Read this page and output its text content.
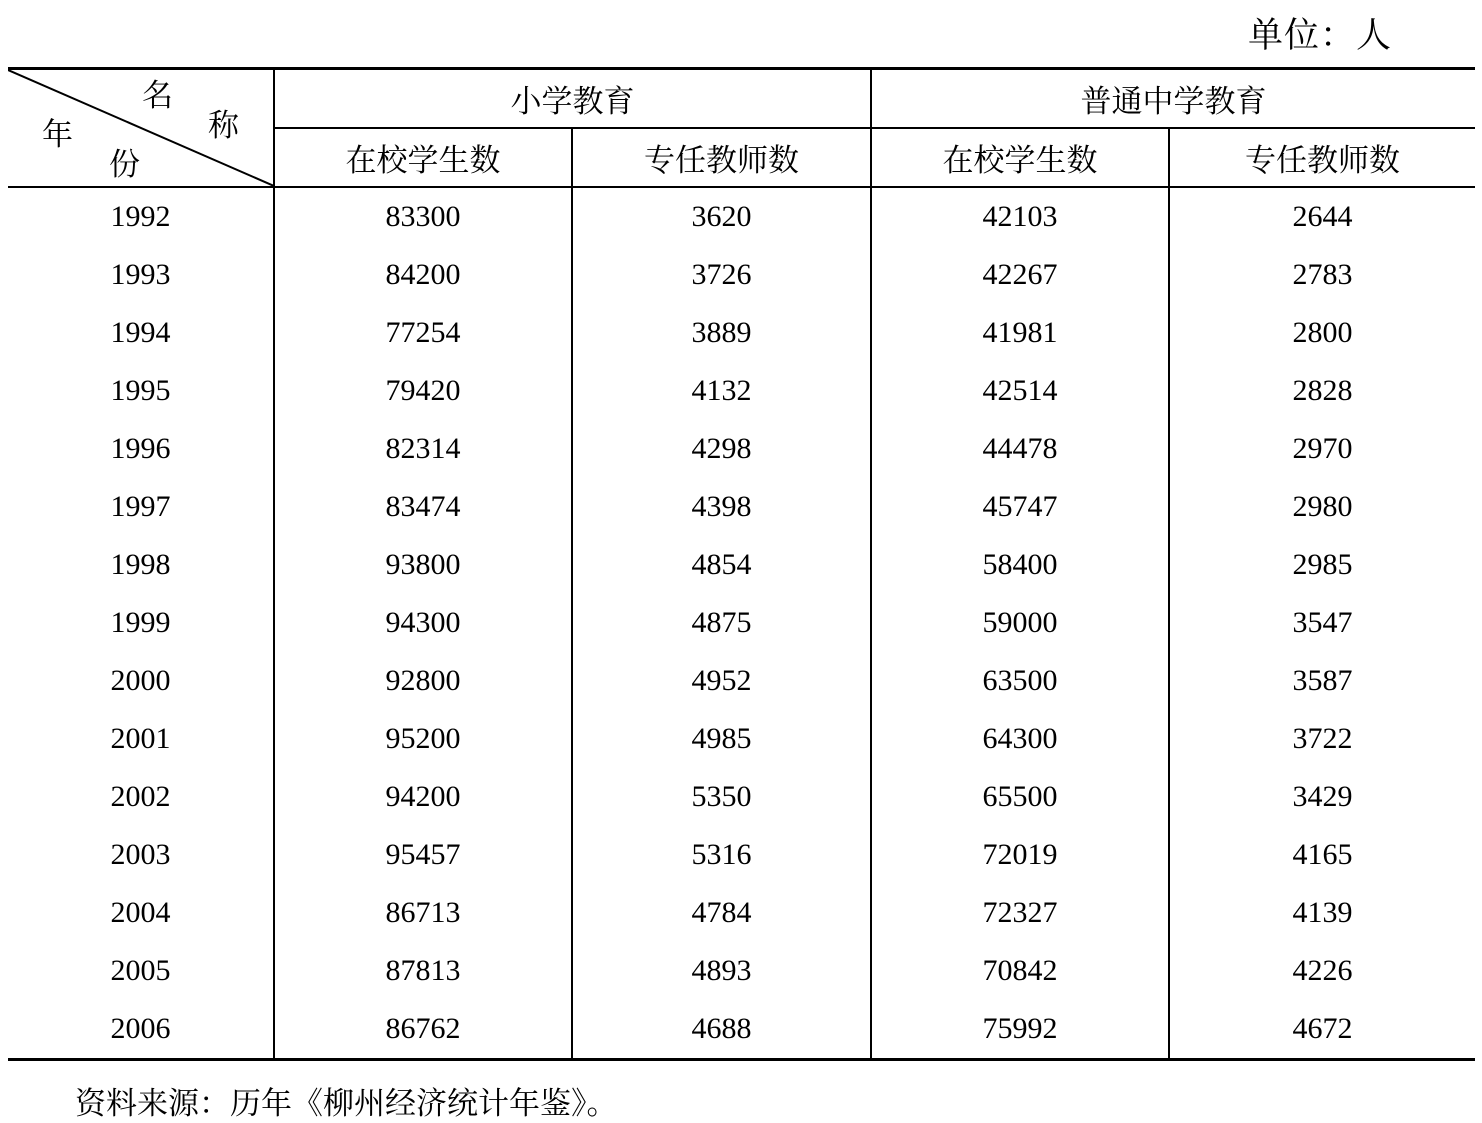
单位：人
名
称
年
份	小学教育		普通中学教育	
	在校学生数	专任教师数	在校学生数	专任教师数
1992	83300	3620	42103	2644
1993	84200	3726	42267	2783
1994	77254	3889	41981	2800
1995	79420	4132	42514	2828
1996	82314	4298	44478	2970
1997	83474	4398	45747	2980
1998	93800	4854	58400	2985
1999	94300	4875	59000	3547
2000	92800	4952	63500	3587
2001	95200	4985	64300	3722
2002	94200	5350	65500	3429
2003	95457	5316	72019	4165
2004	86713	4784	72327	4139
2005	87813	4893	70842	4226
2006	86762	4688	75992	4672
资料来源：历年《柳州经济统计年鉴》。
